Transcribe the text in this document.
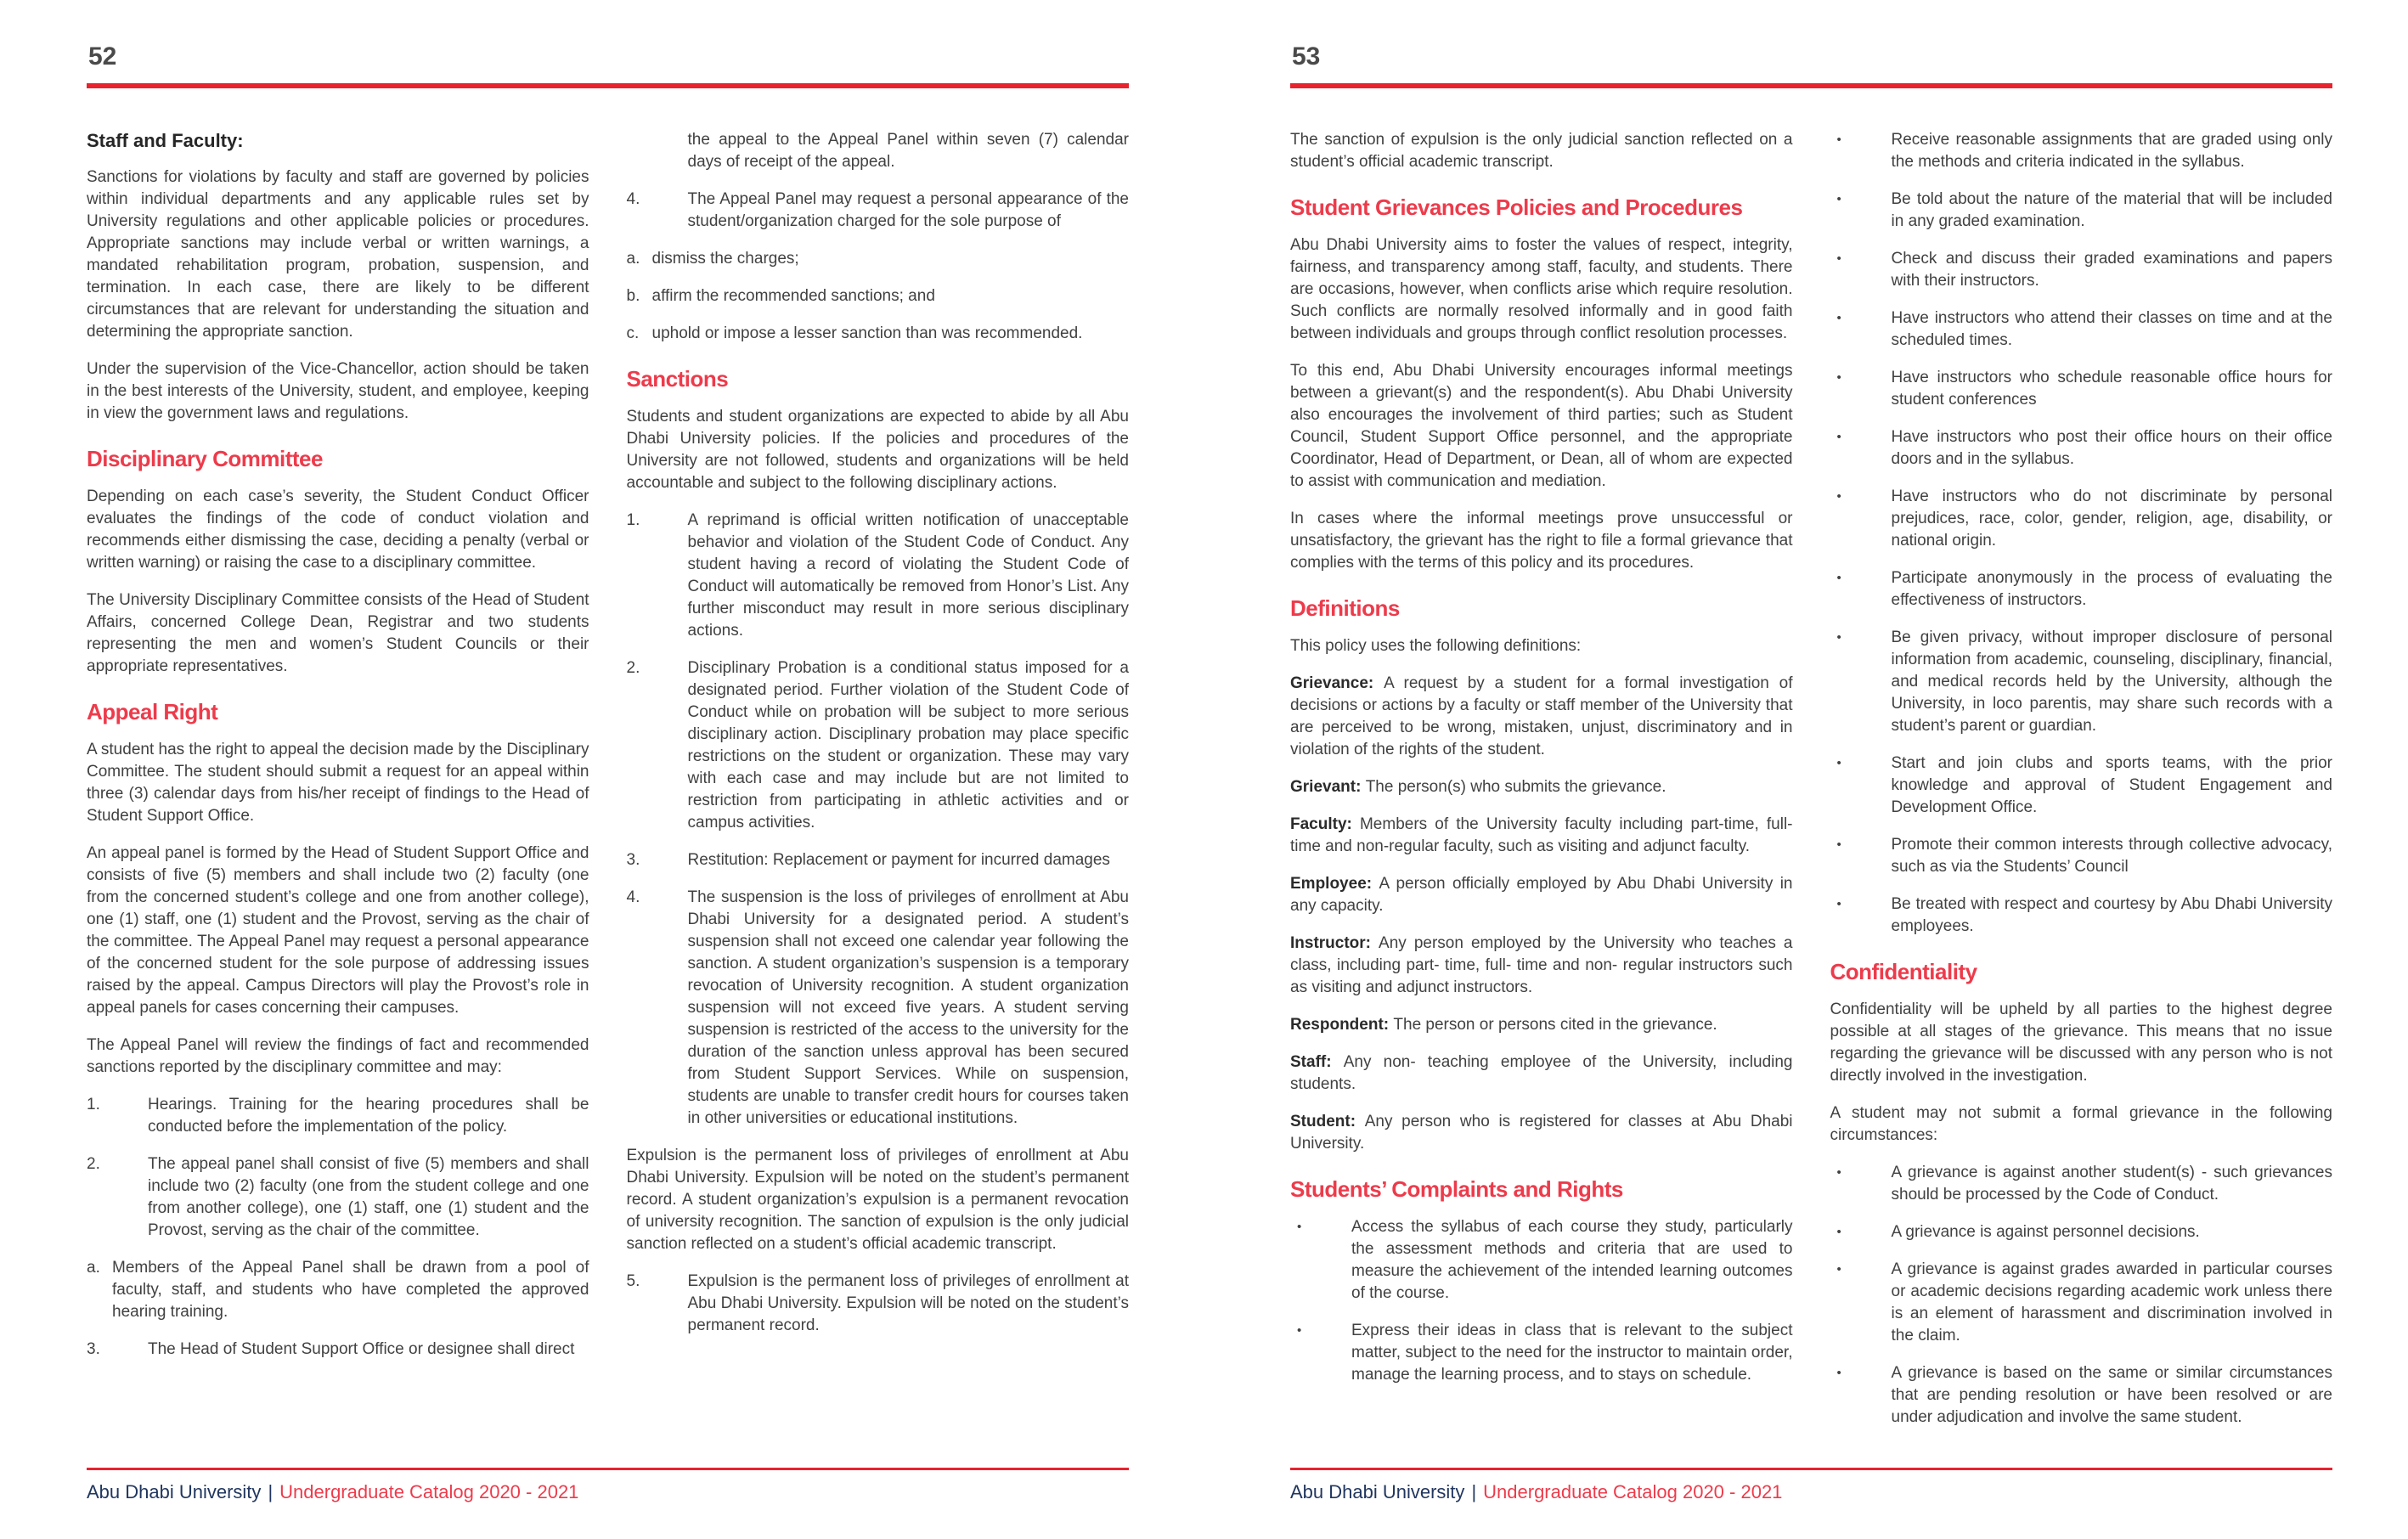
52
Staff and Faculty:

Sanctions for violations by faculty and staff are governed by policies within individual departments and any applicable rules set by University regulations and other applicable policies or procedures. Appropriate sanctions may include verbal or written warnings, a mandated rehabilitation program, probation, suspension, and termination. In each case, there are likely to be different circumstances that are relevant for understanding the situation and determining the appropriate sanction.

Under the supervision of the Vice-Chancellor, action should be taken in the best interests of the University, student, and employee, keeping in view the government laws and regulations.

Disciplinary Committee

Depending on each case’s severity, the Student Conduct Officer evaluates the findings of the code of conduct violation and recommends either dismissing the case, deciding a penalty (verbal or written warning) or raising the case to a disciplinary committee.

The University Disciplinary Committee consists of the Head of Student Affairs, concerned College Dean, Registrar and two students representing the men and women’s Student Councils or their appropriate representatives.

Appeal Right

A student has the right to appeal the decision made by the Disciplinary Committee. The student should submit a request for an appeal within three (3) calendar days from his/her receipt of findings to the Head of Student Support Office.

An appeal panel is formed by the Head of Student Support Office and consists of five (5) members and shall include two (2) faculty (one from the concerned student’s college and one from another college), one (1) staff, one (1) student and the Provost, serving as the chair of the committee. The Appeal Panel may request a personal appearance of the concerned student for the sole purpose of addressing issues raised by the appeal. Campus Directors will play the Provost’s role in appeal panels for cases concerning their campuses.

The Appeal Panel will review the findings of fact and recommended sanctions reported by the disciplinary committee and may:

1.	Hearings. Training for the hearing procedures shall be conducted before the implementation of the policy.
2.	The appeal panel shall consist of five (5) members and shall include two (2) faculty (one from the student college and one from another college), one (1) staff, one (1) student and the Provost, serving as the chair of the committee.
a. Members of the Appeal Panel shall be drawn from a pool of faculty, staff, and students who have completed the approved hearing training.
3.	The Head of Student Support Office or designee shall direct

the appeal to the Appeal Panel within seven (7) calendar days of receipt of the appeal.

4.	The Appeal Panel may request a personal appearance of the student/organization charged for the sole purpose of
a. dismiss the charges;
b. affirm the recommended sanctions; and
c. uphold or impose a lesser sanction than was recommended.
Sanctions

Students and student organizations are expected to abide by all Abu Dhabi University policies. If the policies and procedures of the University are not followed, students and organizations will be held accountable and subject to the following disciplinary actions.

1.	A reprimand is official written notification of unacceptable behavior and violation of the Student Code of Conduct. Any student having a record of violating the Student Code of Conduct will automatically be removed from Honor’s List. Any further misconduct may result in more serious disciplinary actions.
2.	Disciplinary Probation is a conditional status imposed for a designated period. Further violation of the Student Code of Conduct while on probation will be subject to more serious disciplinary action. Disciplinary probation may place specific restrictions on the student or organization. These may vary with each case and may include but are not limited to restriction from participating in athletic activities and or campus activities.
3.	Restitution: Replacement or payment for incurred damages
4.	The suspension is the loss of privileges of enrollment at Abu Dhabi University for a designated period. A student’s suspension shall not exceed one calendar year following the sanction. A student organization’s suspension is a temporary revocation of University recognition. A student organization suspension will not exceed five years. A student serving suspension is restricted of the access to the university for the duration of the sanction unless approval has been secured from Student Support Services. While on suspension, students are unable to transfer credit hours for courses taken in other universities or educational institutions.

Expulsion is the permanent loss of privileges of enrollment at Abu Dhabi University. Expulsion will be noted on the student’s permanent record. A student organization’s expulsion is a permanent revocation of university recognition. The sanction of expulsion is the only judicial sanction reflected on a student’s official academic transcript.

5.	Expulsion is the permanent loss of privileges of enrollment at Abu Dhabi University. Expulsion will be noted on the student’s permanent record.
Abu Dhabi University | Undergraduate Catalog 2020 - 2021
53

The sanction of expulsion is the only judicial sanction reflected on a student’s official academic transcript.

Student Grievances Policies and Procedures

Abu Dhabi University aims to foster the values of respect, integrity, fairness, and transparency among staff, faculty, and students. There are occasions, however, when conflicts arise which require resolution. Such conflicts are normally resolved informally and in good faith between individuals and groups through conflict resolution processes.

To this end, Abu Dhabi University encourages informal meetings between a grievant(s) and the respondent(s). Abu Dhabi University also encourages the involvement of third parties; such as Student Council, Student Support Office personnel, and the appropriate Coordinator, Head of Department, or Dean, all of whom are expected to assist with communication and mediation.

In cases where the informal meetings prove unsuccessful or unsatisfactory, the grievant has the right to file a formal grievance that complies with the terms of this policy and its procedures.

Definitions

This policy uses the following definitions:

Grievance: A request by a student for a formal investigation of decisions or actions by a faculty or staff member of the University that are perceived to be wrong, mistaken, unjust, discriminatory and in violation of the rights of the student.

Grievant: The person(s) who submits the grievance.

Faculty: Members of the University faculty including part-time, full-time and non-regular faculty, such as visiting and adjunct faculty.

Employee: A person officially employed by Abu Dhabi University in any capacity.

Instructor: Any person employed by the University who teaches a class, including part- time, full- time and non- regular instructors such as visiting and adjunct instructors.

Respondent: The person or persons cited in the grievance.

Staff: Any non- teaching employee of the University, including students.

Student: Any person who is registered for classes at Abu Dhabi University.

Students’ Complaints and Rights
•	Access the syllabus of each course they study, particularly the assessment methods and criteria that are used to measure the achievement of the intended learning outcomes of the course.
•	Express their ideas in class that is relevant to the subject matter, subject to the need for the instructor to maintain order, manage the learning process, and to stays on schedule.
•	Receive reasonable assignments that are graded using only the methods and criteria indicated in the syllabus.
•	Be told about the nature of the material that will be included in any graded examination.
•	Check and discuss their graded examinations and papers with their instructors.
•	Have instructors who attend their classes on time and at the scheduled times.
•	Have instructors who schedule reasonable office hours for student conferences
•	Have instructors who post their office hours on their office doors and in the syllabus.
•	Have instructors who do not discriminate by personal prejudices, race, color, gender, religion, age, disability, or national origin.
•	Participate anonymously in the process of evaluating the effectiveness of instructors.
•	Be given privacy, without improper disclosure of personal information from academic, counseling, disciplinary, financial, and medical records held by the University, although the University, in loco parentis, may share such records with a student’s parent or guardian.
•	Start and join clubs and sports teams, with the prior knowledge and approval of Student Engagement and Development Office.
•	Promote their common interests through collective advocacy, such as via the Students’ Council
•	Be treated with respect and courtesy by Abu Dhabi University employees.
Confidentiality

Confidentiality will be upheld by all parties to the highest degree possible at all stages of the grievance. This means that no issue regarding the grievance will be discussed with any person who is not directly involved in the investigation.

A student may not submit a formal grievance in the following circumstances:

•	A grievance is against another student(s) - such grievances should be processed by the Code of Conduct.
•	A grievance is against personnel decisions.
•	A grievance is against grades awarded in particular courses or academic decisions regarding academic work unless there is an element of harassment and discrimination involved in the claim.
•	A grievance is based on the same or similar circumstances that are pending resolution or have been resolved or are under adjudication and involve the same student.
Abu Dhabi University | Undergraduate Catalog 2020 - 2021
